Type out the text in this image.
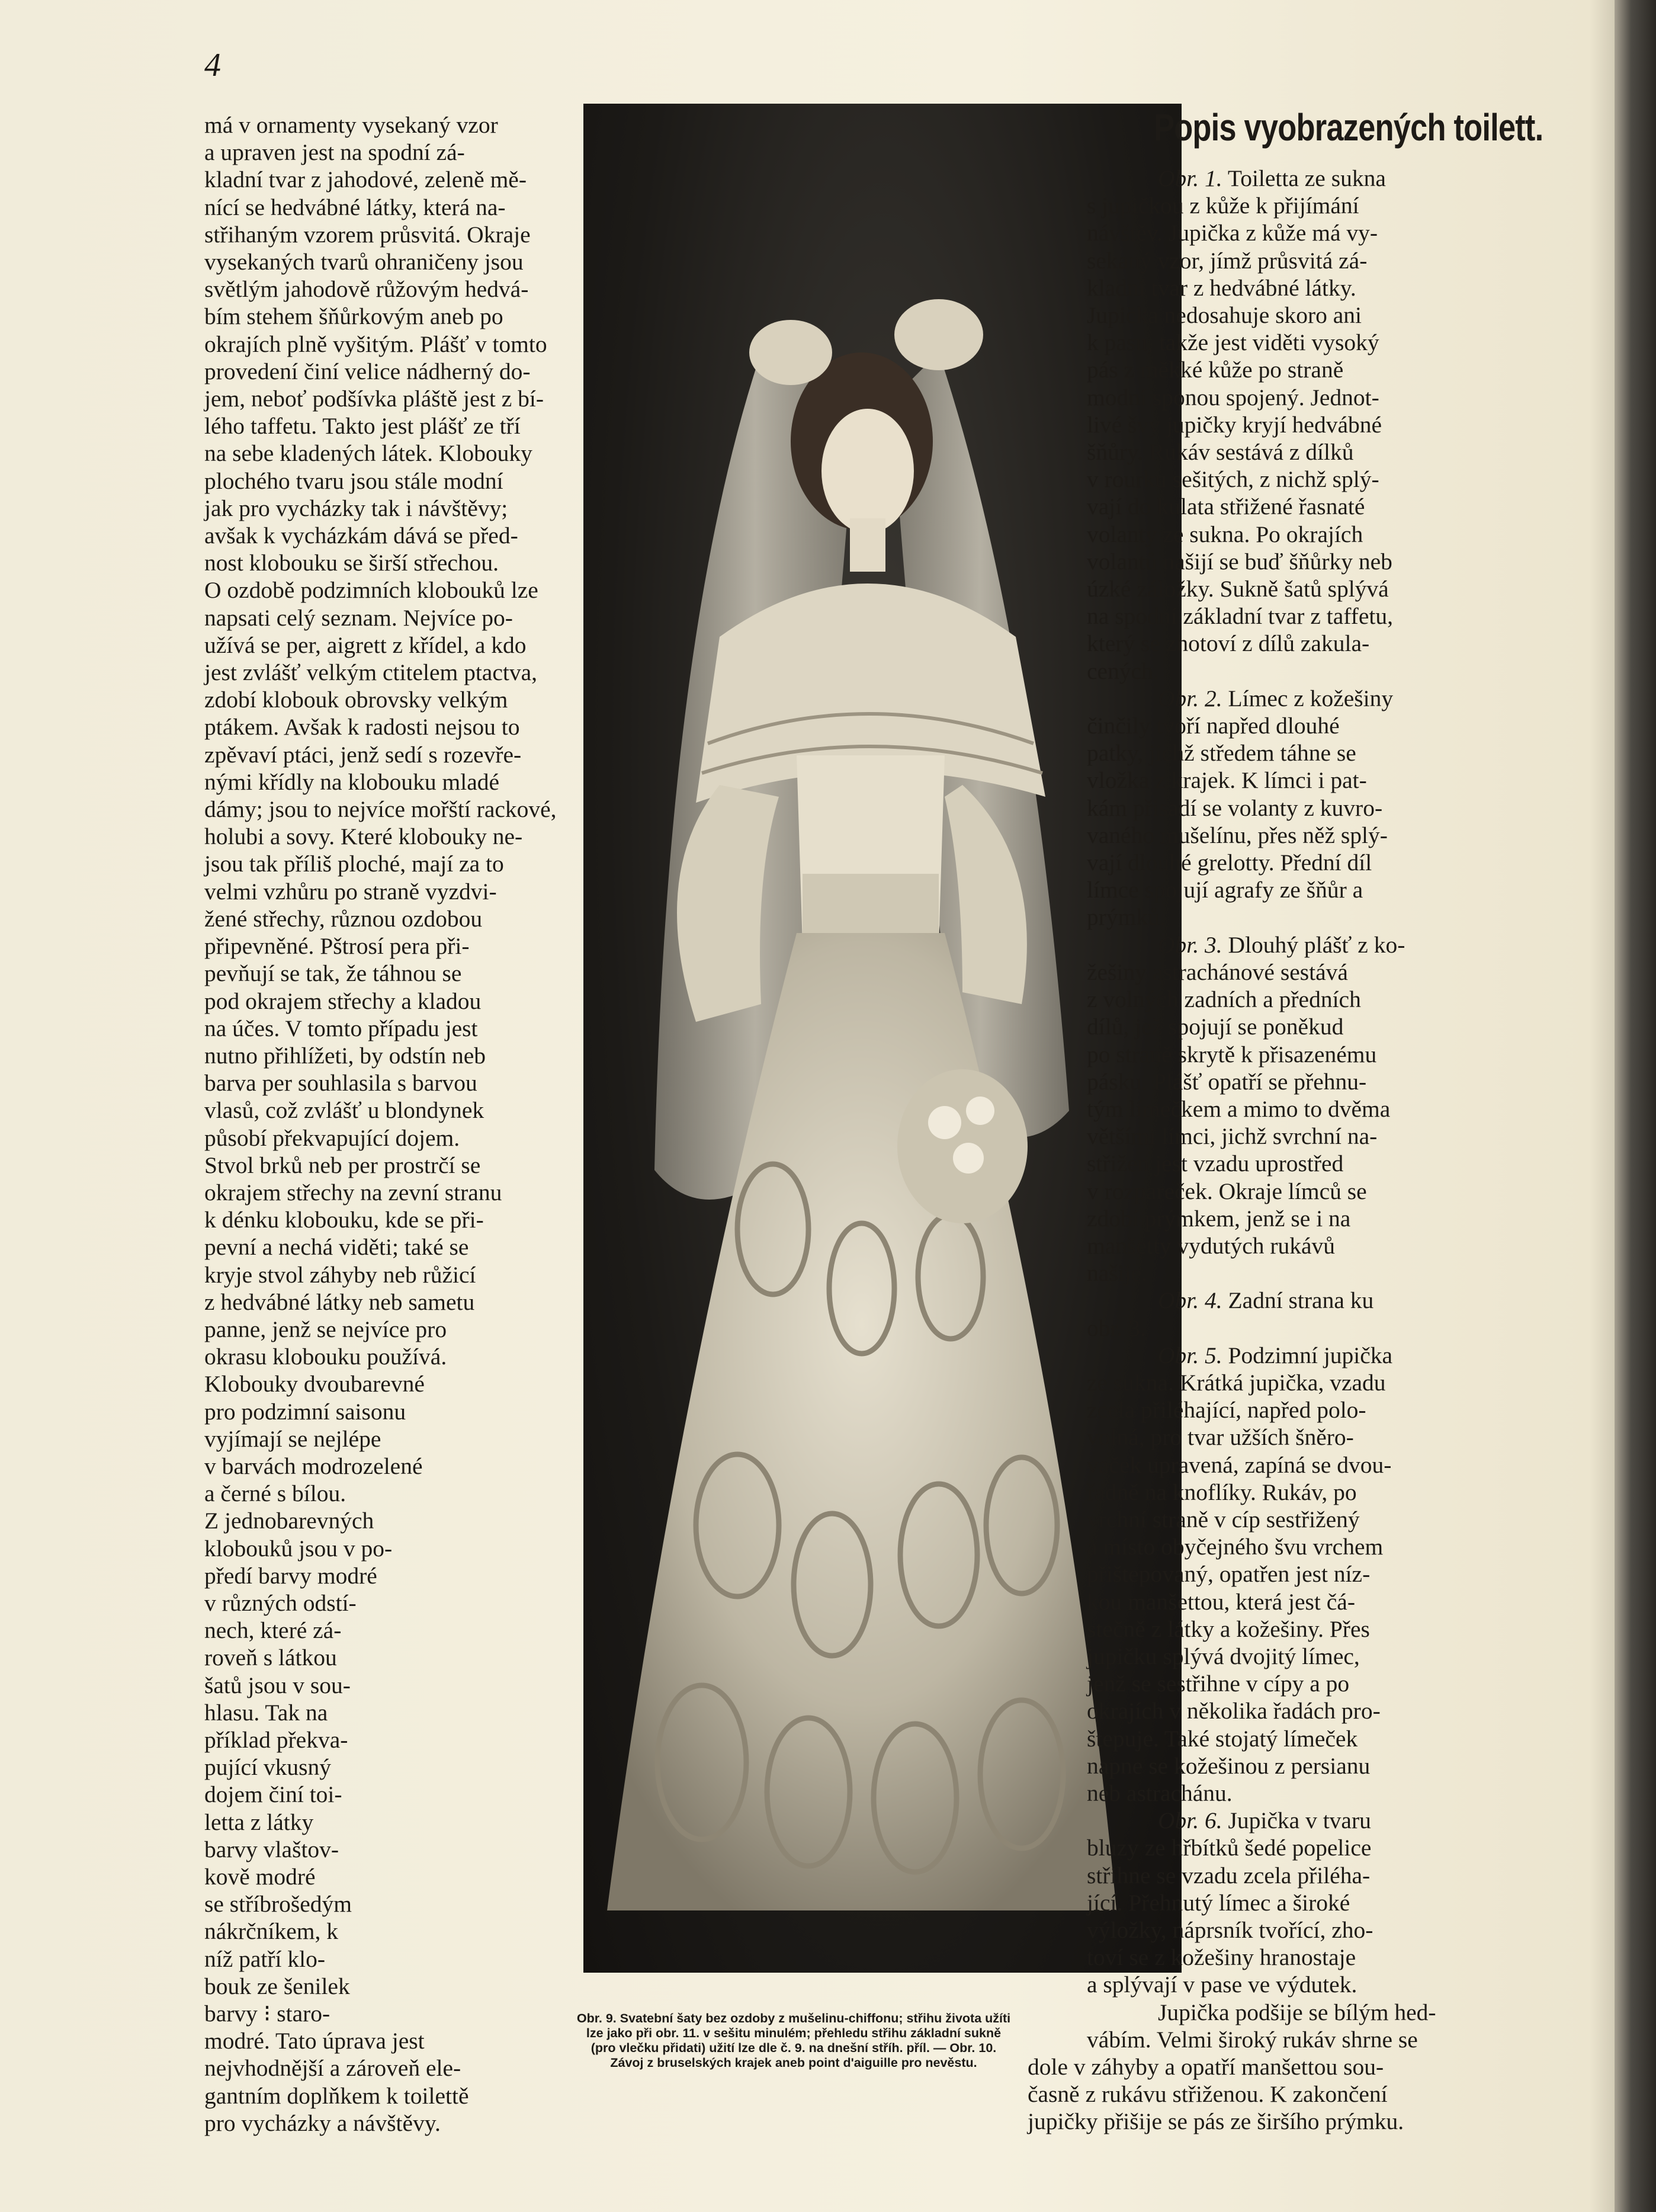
4
má v ornamenty vysekaný vzor
a upraven jest na spodní zá-
kladní tvar z jahodové, zeleně mě-
nící se hedvábné látky, která na-
střihaným vzorem průsvitá. Okraje
vysekaných tvarů ohraničeny jsou
světlým jahodově růžovým hedvá-
bím stehem šňůrkovým aneb po
okrajích plně vyšitým. Plášť v tomto
provedení činí velice nádherný do-
jem, neboť podšívka pláště jest z bí-
lého taffetu. Takto jest plášť ze tří
na sebe kladených látek. Klobouky
plochého tvaru jsou stále modní
jak pro vycházky tak i návštěvy;
avšak k vycházkám dává se před-
nost klobouku se širší střechou.
O ozdobě podzimních klobouků lze
napsati celý seznam. Nejvíce po-
užívá se per, aigrett z křídel, a kdo
jest zvlášť velkým ctitelem ptactva,
zdobí klobouk obrovsky velkým
ptákem. Avšak k radosti nejsou to
zpěvaví ptáci, jenž sedí s rozevře-
nými křídly na klobouku mladé
dámy; jsou to nejvíce mořští rackové,
holubi a sovy. Které klobouky ne-
jsou tak příliš ploché, mají za to
velmi vzhůru po straně vyzdvi-
žené střechy, různou ozdobou
připevněné. Pštrosí pera při-
pevňují se tak, že táhnou se
pod okrajem střechy a kladou
na účes. V tomto případu jest
nutno přihlížeti, by odstín neb
barva per souhlasila s barvou
vlasů, což zvlášť u blondynek
působí překvapující dojem.
Stvol brků neb per prostrčí se
okrajem střechy na zevní stranu
k dénku klobouku, kde se při-
pevní a nechá viděti; také se
kryje stvol záhyby neb růžicí
z hedvábné látky neb sametu
panne, jenž se nejvíce pro
okrasu klobouku používá.
Klobouky dvoubarevné
pro podzimní saisonu
vyjímají se nejlépe
v barvách modrozelené
a černé s bílou.
Z jednobarevných
klobouků jsou v po-
předí barvy modré
v různých odstí-
nech, které zá-
roveň s látkou
šatů jsou v sou-
hlasu. Tak na
příklad překva-
pující vkusný
dojem činí toi-
letta z látky
barvy vlaštov-
kově modré
se stříbrošedým
nákrčníkem, k
níž patří klo-
bouk ze šenilek
barvy ⁝ staro-
modré. Tato úprava jest
nejvhodnější a zároveň ele-
gantním doplňkem k toilettě
pro vycházky a návštěvy.
Popis vyobrazených toilett.
Obr. 1. Toiletta ze sukna
s jupičkou z kůže k přijímání
návštěv. Jupička z kůže má vy-
sekaný vzor, jímž průsvitá zá-
kladní tvar z hedvábné látky.
Jupička nedosahuje skoro ani
k pasu, takže jest viděti vysoký
pás z měkké kůže po straně
modní sponou spojený. Jednot-
livé švy jupičky kryjí hedvábné
šňůry. Rukáv sestává z dílků
v rourku sešitých, z nichž splý-
vají do kulata střižené řasnaté
volanty ze sukna. Po okrajích
volantů našijí se buď šňůrky neb
úzké záložky. Sukně šatů splývá
na spodní základní tvar z taffetu,
který se zhotoví z dílů zakula-
cených.
Obr. 2. Límec z kožešiny
činčily tvoří napřed dlouhé
patky, jichž středem táhne se
vložka z krajek. K límci i pat-
kám přisadí se volanty z kuvro-
vaného mušelínu, přes něž splý-
vají dlouhé grelotty. Přední díl
límce spojují agrafy ze šňůr a
prýmků.
Obr. 3. Dlouhý plášť z ko-
žešiny astrachánové sestává
z volných zadních a předních
dílů, jež spojují se poněkud
po straně skrytě k přisazenému
pásku. Plášť opatří se přehnu-
tým límečkem a mimo to dvěma
většími límci, jichž svrchní na-
střižen jest vzadu uprostřed
v rozpareček. Okraje límců se
zdobí prýmkem, jenž se i na
manšetty vydutých rukávů
našije.
Obr. 4. Zadní strana ku
obr. 3.
Obr. 5. Podzimní jupička
ze sukna. Krátká jupička, vzadu
zcela přiléhající, napřed polo-
volná, pro tvar užších šněro-
vaček upravená, zapíná se dvou-
řadně na knoflíky. Rukáv, po
vrchní straně v cíp sestřižený
a místo obyčejného švu vrchem
přištepovaný, opatřen jest níz-
kou manšettou, která jest čá-
stečně z látky a kožešiny. Přes
jupičku splývá dvojitý límec,
jenž se sestřihne v cípy a po
okrajích v několika řadách pro-
štepuje. Také stojatý límeček
napne se kožešinou z persianu
neb astrachánu.
Obr. 6. Jupička v tvaru
bluzy ze hřbítků šedé popelice
střihne se vzadu zcela přiléha-
jící. Přehnutý límec a široké
výložky, náprsník tvořící, zho-
toví se z kožešiny hranostaje
a splývají v pase ve výdutek.
Jupička podšije se bílým hed-
vábím. Velmi široký rukáv shrne se
dole v záhyby a opatří manšettou sou-
časně z rukávu střiženou. K zakončení
jupičky přišije se pás ze širšího prýmku.
Obr. 9. Svatební šaty bez ozdoby z mušelinu-chiffonu; střihu života užíti
lze jako při obr. 11. v sešitu minulém; přehledu střihu základní sukně
(pro vlečku přidati) užití lze dle č. 9. na dnešní stříh. příl. — Obr. 10.
Závoj z bruselských krajek aneb point d'aiguille pro nevěstu.
